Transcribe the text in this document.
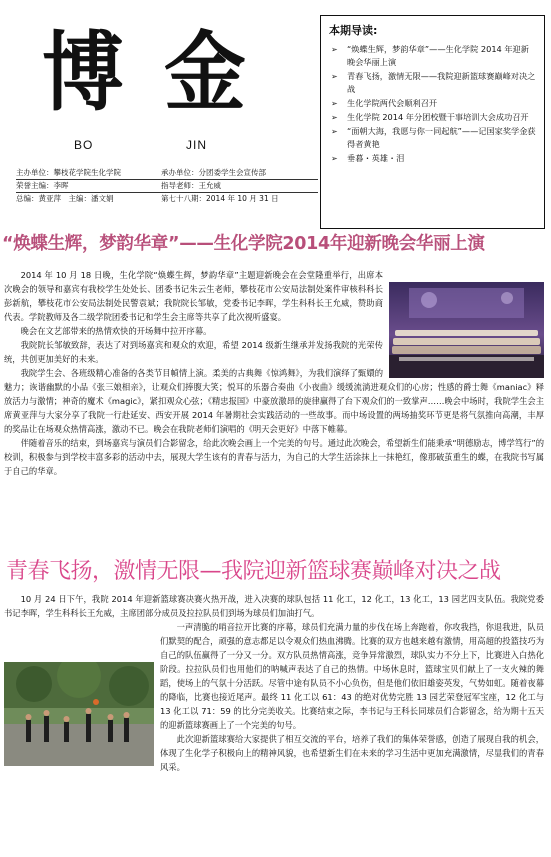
博 金
BO	JIN
主办单位：攀枝花学院生化学院	承办单位：分团委学生会宣传部
荣誉主编：李晖	指导老师：王允威
总编：黄亚萍　主编：潘文娟	第七十八期：2014 年 10 月 31 日
本期导读:
➢ “焕蝶生辉，梦韵华章”——生化学院 2014 年迎新晚会华丽上演
➢ 青春飞扬，激情无限——我院迎新篮球赛巅峰对决之战
➢ 生化学院两代会顺利召开
➢ 生化学院 2014 年分团校暨干事培训大会成功召开
➢ “面朝大海，我愿与你一同起航”——记国家奖学金获得者黄艳
➢ 垂暮・英雄・泪
“焕蝶生辉，梦韵华章”——生化学院2014年迎新晚会华丽上演

2014 年 10 月 18 日晚，生化学院“焕蝶生辉，梦韵华章”主题迎新晚会在会堂隆重举行，出席本次晚会的领导和嘉宾有我校学生处处长、团委书记朱云生老师，攀枝花市公安局法制处案件审核科科长彭新航，攀枝花市公安局法制处民警袁斌；我院院长邹敏，党委书记李晖，学生科科长王允威，赞助商代表。学院教师及各二级学院团委书记和学生会主席等共享了此次视听盛宴。

晚会在文艺部带来的热情欢快的开场舞中拉开序幕。

我院院长邹敏致辞，表达了对到场嘉宾和观众的欢迎，希望 2014 级新生继承并发扬我院的光荣传统，共创更加美好的未来。

我院学生会、各班级精心准备的各类节目幀情上演。柔美的古典舞《惊鸿舞》，为我们演绎了甄嬛的魅力；诙谐幽默的小品《张三娘相亲》，让观众们捧腹大笑；悦耳的乐器合奏曲《小夜曲》缓缓流淌进观众们的心房；性感的爵士舞《maniac》释放活力与激情；神奇的魔术《magic》，紧扣观众心弦；《精忠报国》中豪放激昂的旋律赢得了台下观众们的一致掌声……晚会中场时，我院学生会主席黄亚萍与大家分享了我院一行赴延安、西安开展 2014 年暑期社会实践活动的一些故事。而中场设置的两场抽奖环节更是将气氛推向高潮，丰厚的奖品让在场观众热情高涨，激动不已。晚会在我院老师们演唱的《明天会更好》中落下帷幕。

伴随着音乐的结束，到场嘉宾与演员们合影留念，给此次晚会画上一个完美的句号。通过此次晚会，希望新生们能秉承“明德励志，博学笃行”的校训，积极参与到学校丰富多彩的活动中去，展现大学生该有的青春与活力，为自己的大学生活涂抹上一抹艳红，像那破茧重生的蝶，在我院书写属于自己的华章。

青春飞扬，激情无限—我院迎新篮球赛巅峰对决之战

10 月 24 日下午，我院 2014 年迎新篮球赛决赛火热开战，进入决赛的球队包括 11 化工，12 化工，13 化工，13 园艺四支队伍。我院党委书记李晖，学生科科长王允威，主席团部分成员及拉拉队员们到场为球员们加油打气。

一声清脆的哨音拉开比赛的序幕，球员们充满力量的步伐在场上奔跑着，你攻我挡，你退我进，队员们默契的配合，顽强的意志都足以令观众们热血沸腾。比赛的双方也越来越有激情，用高超的投篮技巧为自己的队伍赢得了一分又一分。双方队员热情高涨，竞争异常激烈，球队实力不分上下，比赛进入白热化阶段。拉拉队员们也用他们的呐喊声表达了自己的热情。中场休息时，篮球宝贝们献上了一支火辣的舞蹈，使场上的气氛十分活跃。尽管中途有队员不小心负伤，但是他们依旧雄姿英发，气势如虹。随着夜幕的降临，比赛也接近尾声。最终 11 化工以 61：43 的绝对优势完胜 13 园艺荣登冠军宝座，12 化工与 13 化工以 71：59 的比分完美收关。比赛结束之际，李书记与王科长同球员们合影留念，给为期十五天的迎新篮球赛画上了一个完美的句号。

此次迎新篮球赛给大家提供了相互交流的平台，培养了我们的集体荣誉感，创造了展现自我的机会，体现了生化学子积极向上的精神风貌，也希望新生们在未来的学习生活中更加充满激情，尽显我们的青春风采。
